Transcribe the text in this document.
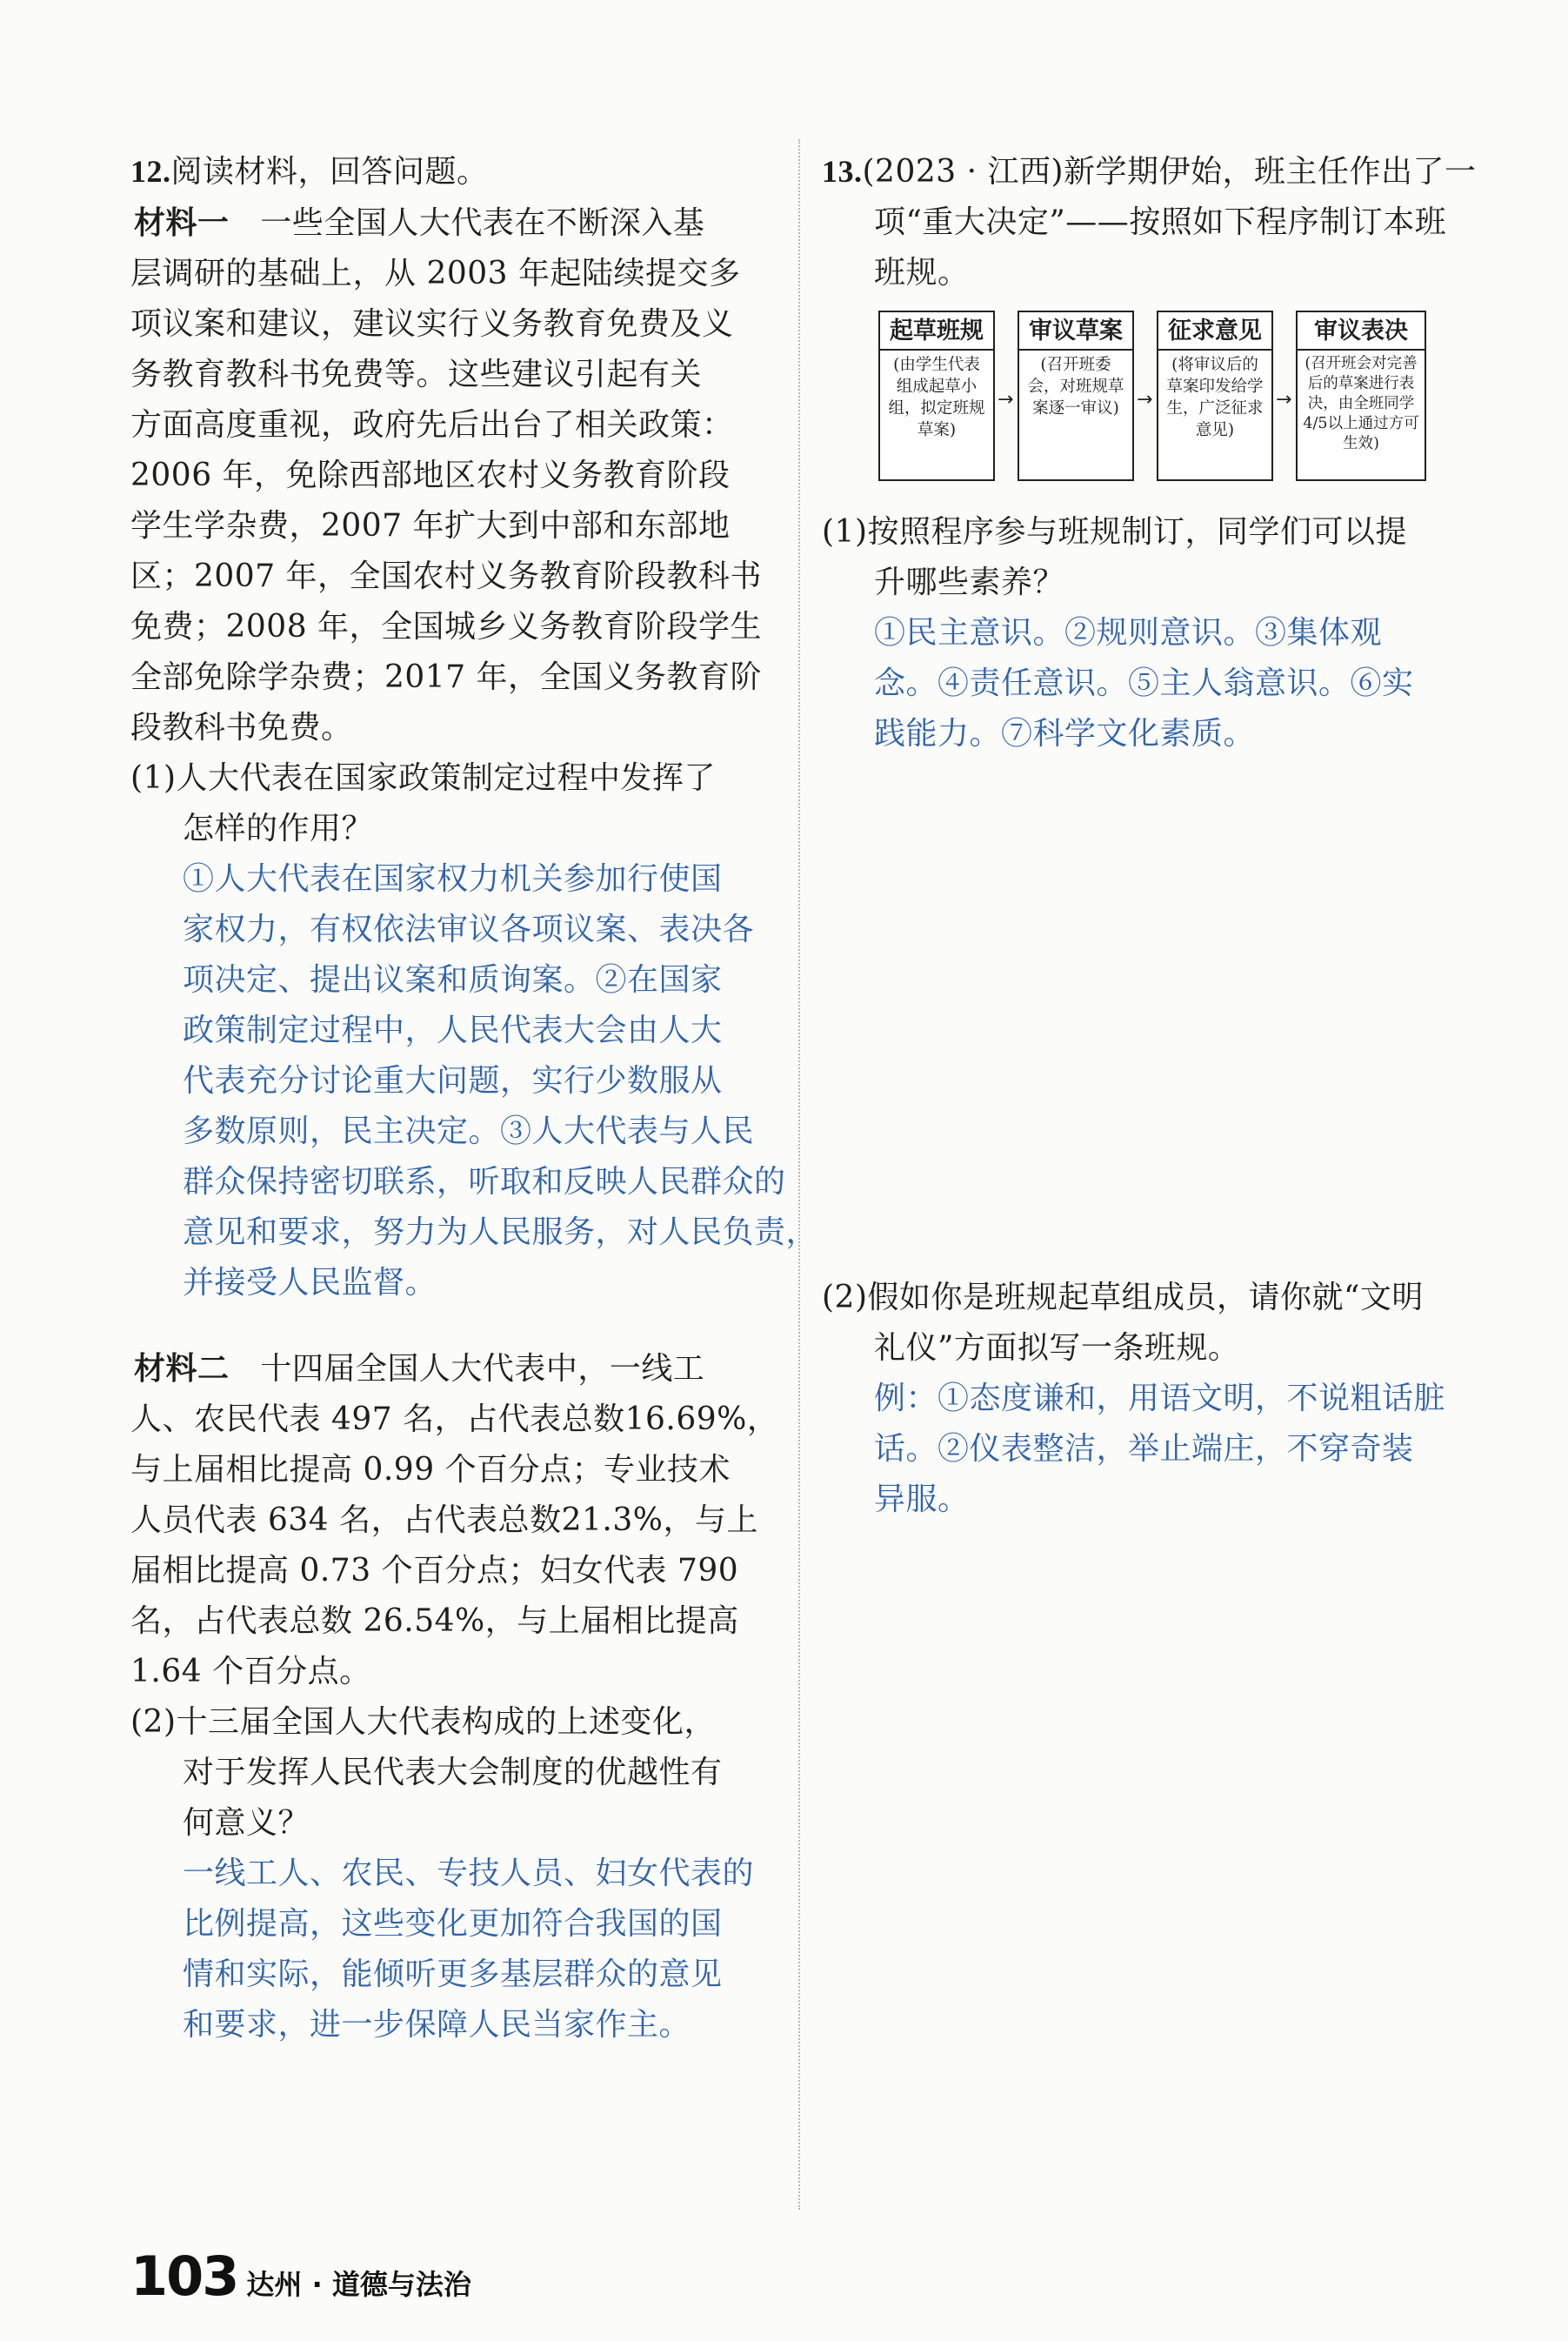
12.阅读材料，回答问题。
材料一 一些全国人大代表在不断深入基
层调研的基础上，从 2003 年起陆续提交多
项议案和建议，建议实行义务教育免费及义
务教育教科书免费等。这些建议引起有关
方面高度重视，政府先后出台了相关政策：
2006 年，免除西部地区农村义务教育阶段
学生学杂费，2007 年扩大到中部和东部地
区；2007 年，全国农村义务教育阶段教科书
免费；2008 年，全国城乡义务教育阶段学生
全部免除学杂费；2017 年，全国义务教育阶
段教科书免费。
(1)人大代表在国家政策制定过程中发挥了
怎样的作用？
①人大代表在国家权力机关参加行使国
家权力，有权依法审议各项议案、表决各
项决定、提出议案和质询案。②在国家
政策制定过程中，人民代表大会由人大
代表充分讨论重大问题，实行少数服从
多数原则，民主决定。③人大代表与人民
群众保持密切联系，听取和反映人民群众的
意见和要求，努力为人民服务，对人民负责，
并接受人民监督。
材料二 十四届全国人大代表中，一线工
人、农民代表 497 名，占代表总数16.69%，
与上届相比提高 0.99 个百分点；专业技术
人员代表 634 名，占代表总数21.3%，与上
届相比提高 0.73 个百分点；妇女代表 790
名，占代表总数 26.54%，与上届相比提高
1.64 个百分点。
(2)十三届全国人大代表构成的上述变化，
对于发挥人民代表大会制度的优越性有
何意义？
一线工人、农民、专技人员、妇女代表的
比例提高，这些变化更加符合我国的国
情和实际，能倾听更多基层群众的意见
和要求，进一步保障人民当家作主。
13.(2023 · 江西)新学期伊始，班主任作出了一
项“重大决定”——按照如下程序制订本班
班规。
起草班规
(由学生代表组成起草小组，拟定班规草案)
→
审议草案
(召开班委会，对班规草案逐一审议) →
征求意见
(将审议后的草案印发给学生，广泛征求意见)
→
审议表决
(召开班会对完善后的草案进行表决，由全班同学4/5以上通过方可生效)
(1)按照程序参与班规制订，同学们可以提
升哪些素养？
①民主意识。②规则意识。③集体观
念。④责任意识。⑤主人翁意识。⑥实
践能力。⑦科学文化素质。
(2)假如你是班规起草组成员，请你就“文明
礼仪”方面拟写一条班规。
例：①态度谦和，用语文明，不说粗话脏
话。②仪表整洁，举止端庄，不穿奇装
异服。
103 达州 · 道德与法治
